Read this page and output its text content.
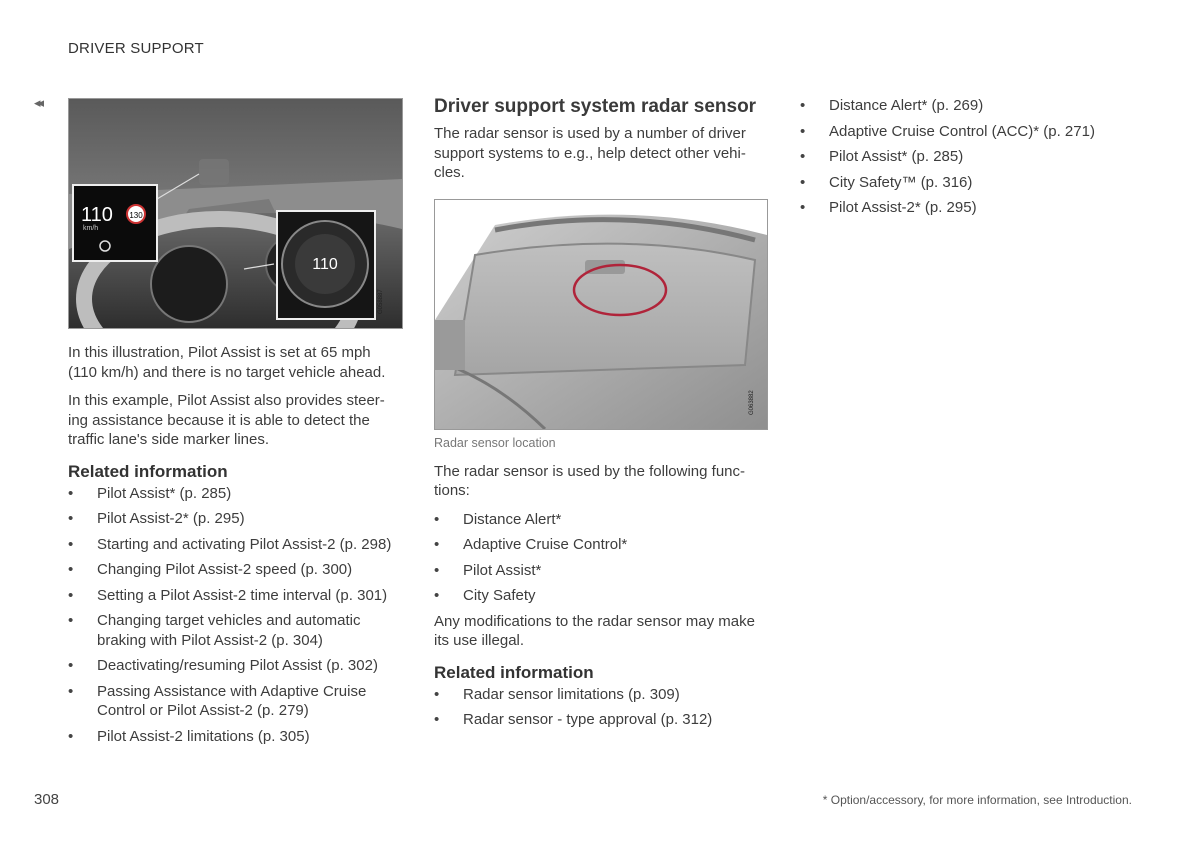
DRIVER SUPPORT
◂◂
110 130
km/h
110
G058887

In this illustration, Pilot Assist is set at 65 mph (110 km/h) and there is no target vehicle ahead.

In this example, Pilot Assist also provides steer-ing assistance because it is able to detect the traffic lane's side marker lines.

Related information
• Pilot Assist* (p. 285)
• Pilot Assist-2* (p. 295)
• Starting and activating Pilot Assist-2 (p. 298)
• Changing Pilot Assist-2 speed (p. 300)
• Setting a Pilot Assist-2 time interval (p. 301)
• Changing target vehicles and automatic braking with Pilot Assist-2 (p. 304)
• Deactivating/resuming Pilot Assist (p. 302)
• Passing Assistance with Adaptive Cruise Control or Pilot Assist-2 (p. 279)
• Pilot Assist-2 limitations (p. 305)
Driver support system radar sensor

The radar sensor is used by a number of driver support systems to e.g., help detect other vehi-cles.

G063882
Radar sensor location

The radar sensor is used by the following func-tions:

• Distance Alert*
• Adaptive Cruise Control*
• Pilot Assist*
• City Safety

Any modifications to the radar sensor may make its use illegal.

Related information
• Radar sensor limitations (p. 309)
• Radar sensor - type approval (p. 312)
• Distance Alert* (p. 269)
• Adaptive Cruise Control (ACC)* (p. 271)
• Pilot Assist* (p. 285)
• City Safety™ (p. 316)
• Pilot Assist-2* (p. 295)
308	* Option/accessory, for more information, see Introduction.
